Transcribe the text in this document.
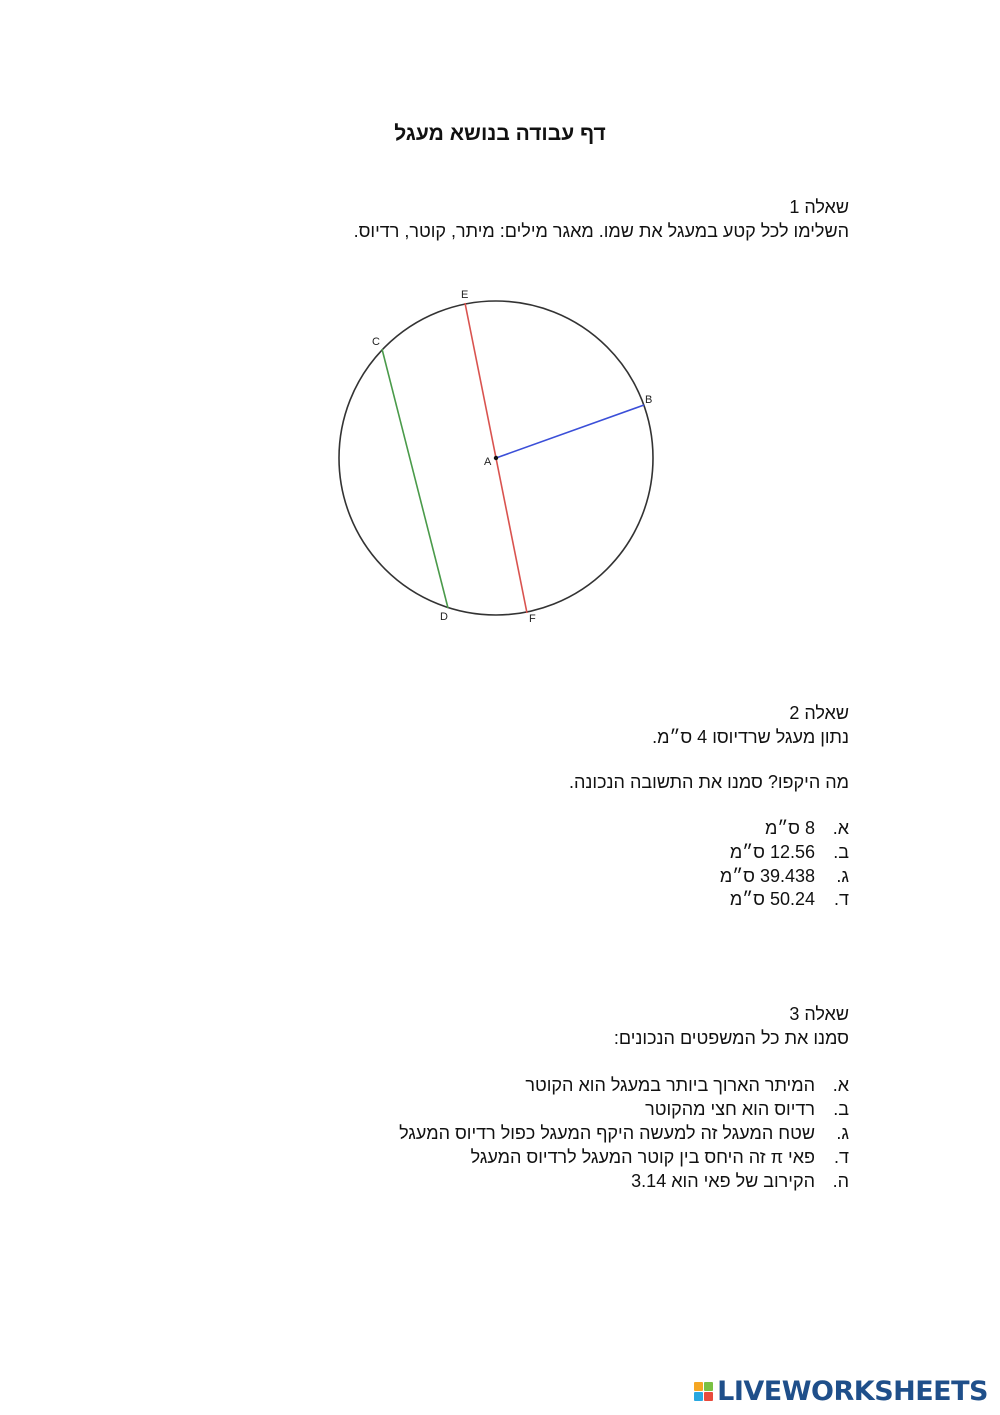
דף עבודה בנושא מעגל
שאלה 1
השלימו לכל קטע במעגל את שמו. מאגר מילים: מיתר, קוטר, רדיוס.
A
B
C
D
E
F
שאלה 2
נתון מעגל שרדיוסו 4 ס״מ.
מה היקפו? סמנו את התשובה הנכונה.
א.8 ס״מ
ב.12.56 ס״מ
ג.39.438 ס״מ
ד.50.24 ס״מ
שאלה 3
סמנו את כל המשפטים הנכונים:
א.המיתר הארוך ביותר במעגל הוא הקוטר
ב.רדיוס הוא חצי מהקוטר
ג.שטח המעגל זה למעשה היקף המעגל כפול רדיוס המעגל
ד.פאי π זה היחס בין קוטר המעגל לרדיוס המעגל
ה.הקירוב של פאי הוא 3.14
LIVEWORKSHEETS
